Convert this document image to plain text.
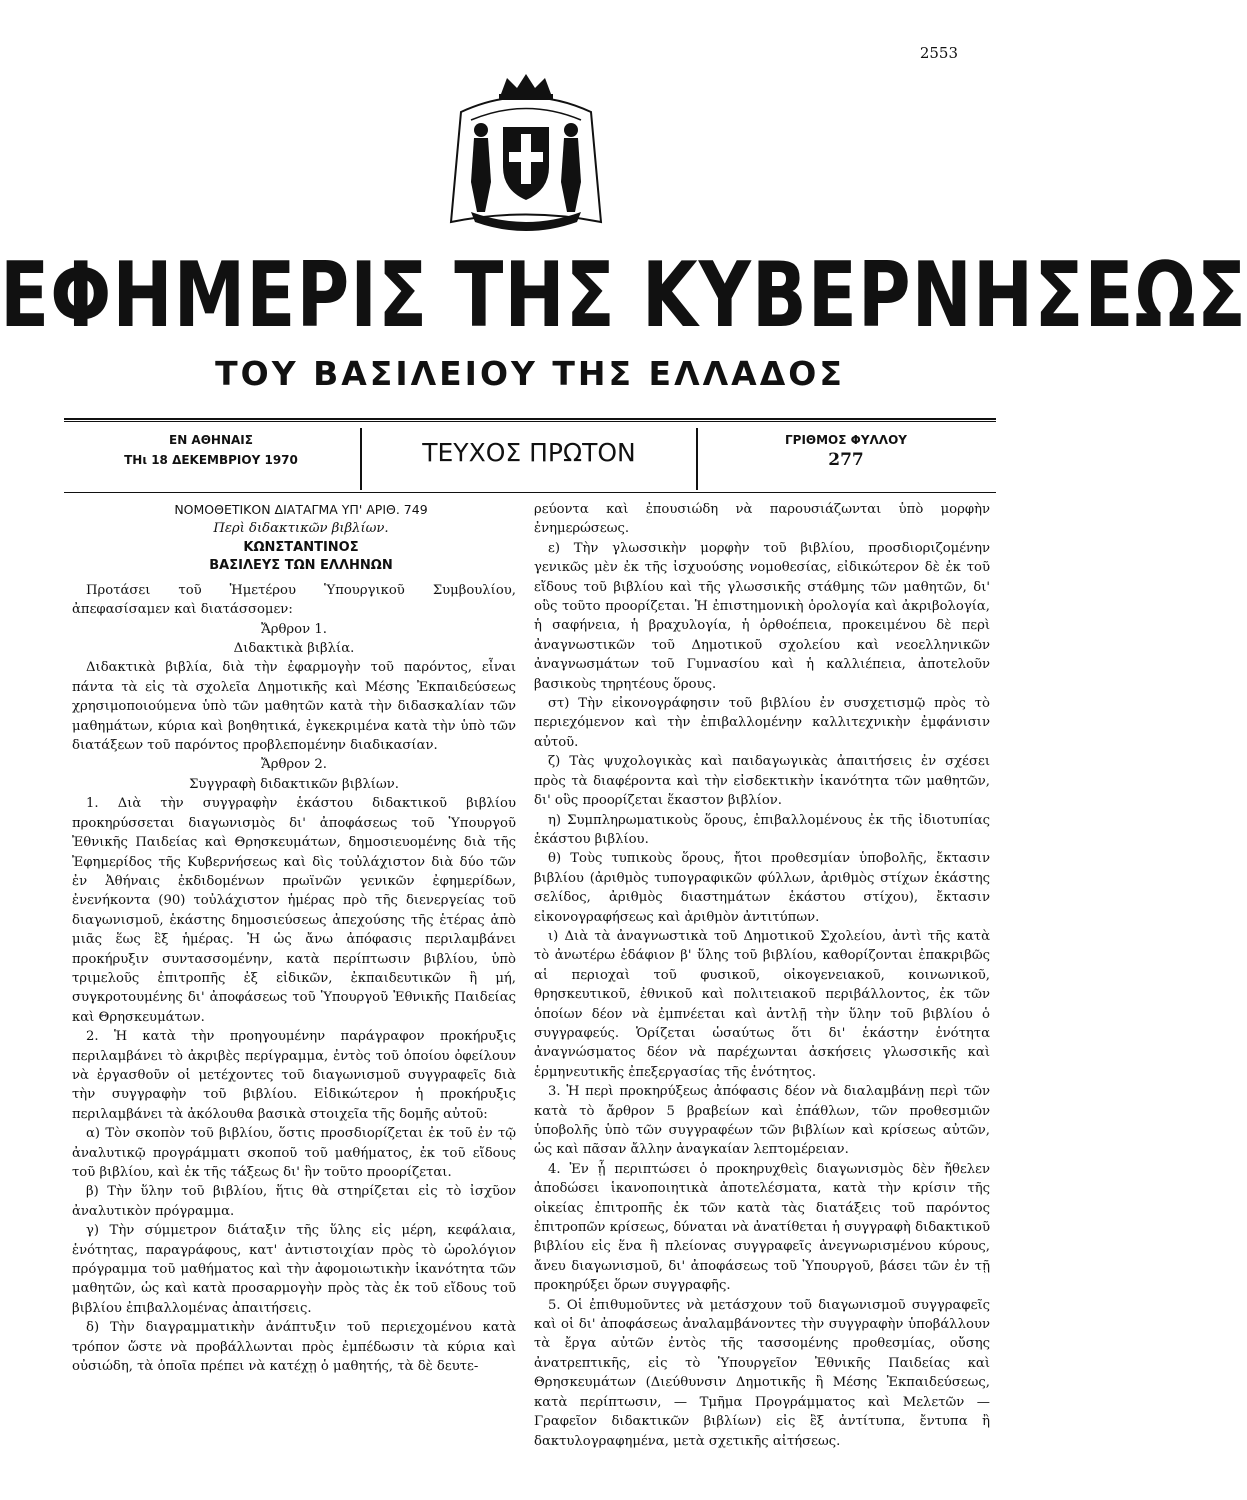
2553
ΕΦΗΜΕΡΙΣ ΤΗΣ ΚΥΒΕΡΝΗΣΕΩΣ
ΤΟΥ ΒΑΣΙΛΕΙΟΥ ΤΗΣ ΕΛΛΑΔΟΣ
ΕΝ ΑΘΗΝΑΙΣ
ΤΗι 18 ΔΕΚΕΜΒΡΙΟΥ 1970	ΤΕΥΧΟΣ ΠΡΩΤΟΝ	ΓΡΙΘΜΟΣ ΦΥΛΛΟΥ
277

ΝΟΜΟΘΕΤΙΚΟΝ ΔΙΑΤΑΓΜΑ ΥΠ' ΑΡΙΘ. 749

Περὶ διδακτικῶν βιβλίων.

ΚΩΝΣΤΑΝΤΙΝΟΣ

ΒΑΣΙΛΕΥΣ ΤΩΝ ΕΛΛΗΝΩΝ

Προτάσει τοῦ Ἡμετέρου Ὑπουργικοῦ Συμβουλίου, ἀπεφασίσαμεν καὶ διατάσσομεν:

Ἄρθρον 1.

Διδακτικὰ βιβλία.

Διδακτικὰ βιβλία, διὰ τὴν ἐφαρμογὴν τοῦ παρόντος, εἶναι πάντα τὰ εἰς τὰ σχολεῖα Δημοτικῆς καὶ Μέσης Ἐκπαιδεύσεως χρησιμοποιούμενα ὑπὸ τῶν μαθητῶν κατὰ τὴν διδασκαλίαν τῶν μαθημάτων, κύρια καὶ βοηθητικά, ἐγκεκριμένα κατὰ τὴν ὑπὸ τῶν διατάξεων τοῦ παρόντος προβλεπομένην διαδικασίαν.

Ἄρθρον 2.

Συγγραφὴ διδακτικῶν βιβλίων.

1. Διὰ τὴν συγγραφὴν ἑκάστου διδακτικοῦ βιβλίου προκηρύσσεται διαγωνισμὸς δι' ἀποφάσεως τοῦ Ὑπουργοῦ Ἐθνικῆς Παιδείας καὶ Θρησκευμάτων, δημοσιευομένης διὰ τῆς Ἐφημερίδος τῆς Κυβερνήσεως καὶ δὶς τοὐλάχιστον διὰ δύο τῶν ἐν Ἀθήναις ἐκδιδομένων πρωϊνῶν γενικῶν ἐφημερίδων, ἐνενήκοντα (90) τοὐλάχιστον ἡμέρας πρὸ τῆς διενεργείας τοῦ διαγωνισμοῦ, ἑκάστης δημοσιεύσεως ἀπεχούσης τῆς ἑτέρας ἀπὸ μιᾶς ἕως ἓξ ἡμέρας. Ἡ ὡς ἄνω ἀπόφασις περιλαμβάνει προκήρυξιν συντασσομένην, κατὰ περίπτωσιν βιβλίου, ὑπὸ τριμελοῦς ἐπιτροπῆς ἐξ εἰδικῶν, ἐκπαιδευτικῶν ἢ μή, συγκροτουμένης δι' ἀποφάσεως τοῦ Ὑπουργοῦ Ἐθνικῆς Παιδείας καὶ Θρησκευμάτων.

2. Ἡ κατὰ τὴν προηγουμένην παράγραφον προκήρυξις περιλαμβάνει τὸ ἀκριβὲς περίγραμμα, ἐντὸς τοῦ ὁποίου ὀφείλουν νὰ ἐργασθοῦν οἱ μετέχοντες τοῦ διαγωνισμοῦ συγγραφεῖς διὰ τὴν συγγραφὴν τοῦ βιβλίου. Εἰδικώτερον ἡ προκήρυξις περιλαμβάνει τὰ ἀκόλουθα βασικὰ στοιχεῖα τῆς δομῆς αὐτοῦ:

α) Τὸν σκοπὸν τοῦ βιβλίου, ὅστις προσδιορίζεται ἐκ τοῦ ἐν τῷ ἀναλυτικῷ προγράμματι σκοποῦ τοῦ μαθήματος, ἐκ τοῦ εἴδους τοῦ βιβλίου, καὶ ἐκ τῆς τάξεως δι' ἣν τοῦτο προορίζεται.

β) Τὴν ὕλην τοῦ βιβλίου, ἥτις θὰ στηρίζεται εἰς τὸ ἰσχῦον ἀναλυτικὸν πρόγραμμα.

γ) Τὴν σύμμετρον διάταξιν τῆς ὕλης εἰς μέρη, κεφάλαια, ἑνότητας, παραγράφους, κατ' ἀντιστοιχίαν πρὸς τὸ ὡρολόγιον πρόγραμμα τοῦ μαθήματος καὶ τὴν ἀφομοιωτικὴν ἱκανότητα τῶν μαθητῶν, ὡς καὶ κατὰ προσαρμογὴν πρὸς τὰς ἐκ τοῦ εἴδους τοῦ βιβλίου ἐπιβαλλομένας ἀπαιτήσεις.

δ) Τὴν διαγραμματικὴν ἀνάπτυξιν τοῦ περιεχομένου κατὰ τρόπον ὥστε νὰ προβάλλωνται πρὸς ἐμπέδωσιν τὰ κύρια καὶ οὐσιώδη, τὰ ὁποῖα πρέπει νὰ κατέχῃ ὁ μαθητής, τὰ δὲ δευτε-

ρεύοντα καὶ ἐπουσιώδη νὰ παρουσιάζωνται ὑπὸ μορφὴν ἐνημερώσεως.

ε) Τὴν γλωσσικὴν μορφὴν τοῦ βιβλίου, προσδιοριζομένην γενικῶς μὲν ἐκ τῆς ἰσχυούσης νομοθεσίας, εἰδικώτερον δὲ ἐκ τοῦ εἴδους τοῦ βιβλίου καὶ τῆς γλωσσικῆς στάθμης τῶν μαθητῶν, δι' οὓς τοῦτο προορίζεται. Ἡ ἐπιστημονικὴ ὁρολογία καὶ ἀκριβολογία, ἡ σαφήνεια, ἡ βραχυλογία, ἡ ὀρθοέπεια, προκειμένου δὲ περὶ ἀναγνωστικῶν τοῦ Δημοτικοῦ σχολείου καὶ νεοελληνικῶν ἀναγνωσμάτων τοῦ Γυμνασίου καὶ ἡ καλλιέπεια, ἀποτελοῦν βασικοὺς τηρητέους ὅρους.

στ) Τὴν εἰκονογράφησιν τοῦ βιβλίου ἐν συσχετισμῷ πρὸς τὸ περιεχόμενον καὶ τὴν ἐπιβαλλομένην καλλιτεχνικὴν ἐμφάνισιν αὐτοῦ.

ζ) Τὰς ψυχολογικὰς καὶ παιδαγωγικὰς ἀπαιτήσεις ἐν σχέσει πρὸς τὰ διαφέροντα καὶ τὴν εἰσδεκτικὴν ἱκανότητα τῶν μαθητῶν, δι' οὓς προορίζεται ἕκαστον βιβλίον.

η) Συμπληρωματικοὺς ὅρους, ἐπιβαλλομένους ἐκ τῆς ἰδιοτυπίας ἑκάστου βιβλίου.

θ) Τοὺς τυπικοὺς ὅρους, ἤτοι προθεσμίαν ὑποβολῆς, ἔκτασιν βιβλίου (ἀριθμὸς τυπογραφικῶν φύλλων, ἀριθμὸς στίχων ἑκάστης σελίδος, ἀριθμὸς διαστημάτων ἑκάστου στίχου), ἔκτασιν εἰκονογραφήσεως καὶ ἀριθμὸν ἀντιτύπων.

ι) Διὰ τὰ ἀναγνωστικὰ τοῦ Δημοτικοῦ Σχολείου, ἀντὶ τῆς κατὰ τὸ ἀνωτέρω ἐδάφιον β' ὕλης τοῦ βιβλίου, καθορίζονται ἐπακριβῶς αἱ περιοχαὶ τοῦ φυσικοῦ, οἰκογενειακοῦ, κοινωνικοῦ, θρησκευτικοῦ, ἐθνικοῦ καὶ πολιτειακοῦ περιβάλλοντος, ἐκ τῶν ὁποίων δέον νὰ ἐμπνέεται καὶ ἀντλῇ τὴν ὕλην τοῦ βιβλίου ὁ συγγραφεύς. Ὁρίζεται ὡσαύτως ὅτι δι' ἑκάστην ἑνότητα ἀναγνώσματος δέον νὰ παρέχωνται ἀσκήσεις γλωσσικῆς καὶ ἑρμηνευτικῆς ἐπεξεργασίας τῆς ἑνότητος.

3. Ἡ περὶ προκηρύξεως ἀπόφασις δέον νὰ διαλαμβάνῃ περὶ τῶν κατὰ τὸ ἄρθρον 5 βραβείων καὶ ἐπάθλων, τῶν προθεσμιῶν ὑποβολῆς ὑπὸ τῶν συγγραφέων τῶν βιβλίων καὶ κρίσεως αὐτῶν, ὡς καὶ πᾶσαν ἄλλην ἀναγκαίαν λεπτομέρειαν.

4. Ἐν ᾗ περιπτώσει ὁ προκηρυχθεὶς διαγωνισμὸς δὲν ἤθελεν ἀποδώσει ἱκανοποιητικὰ ἀποτελέσματα, κατὰ τὴν κρίσιν τῆς οἰκείας ἐπιτροπῆς ἐκ τῶν κατὰ τὰς διατάξεις τοῦ παρόντος ἐπιτροπῶν κρίσεως, δύναται νὰ ἀνατίθεται ἡ συγγραφὴ διδακτικοῦ βιβλίου εἰς ἕνα ἢ πλείονας συγγραφεῖς ἀνεγνωρισμένου κύρους, ἄνευ διαγωνισμοῦ, δι' ἀποφάσεως τοῦ Ὑπουργοῦ, βάσει τῶν ἐν τῇ προκηρύξει ὅρων συγγραφῆς.

5. Οἱ ἐπιθυμοῦντες νὰ μετάσχουν τοῦ διαγωνισμοῦ συγγραφεῖς καὶ οἱ δι' ἀποφάσεως ἀναλαμβάνοντες τὴν συγγραφὴν ὑποβάλλουν τὰ ἔργα αὐτῶν ἐντὸς τῆς τασσομένης προθεσμίας, οὔσης ἀνατρεπτικῆς, εἰς τὸ Ὑπουργεῖον Ἐθνικῆς Παιδείας καὶ Θρησκευμάτων (Διεύθυνσιν Δημοτικῆς ἢ Μέσης Ἐκπαιδεύσεως, κατὰ περίπτωσιν, — Τμῆμα Προγράμματος καὶ Μελετῶν — Γραφεῖον διδακτικῶν βιβλίων) εἰς ἓξ ἀντίτυπα, ἔντυπα ἢ δακτυλογραφημένα, μετὰ σχετικῆς αἰτήσεως.
